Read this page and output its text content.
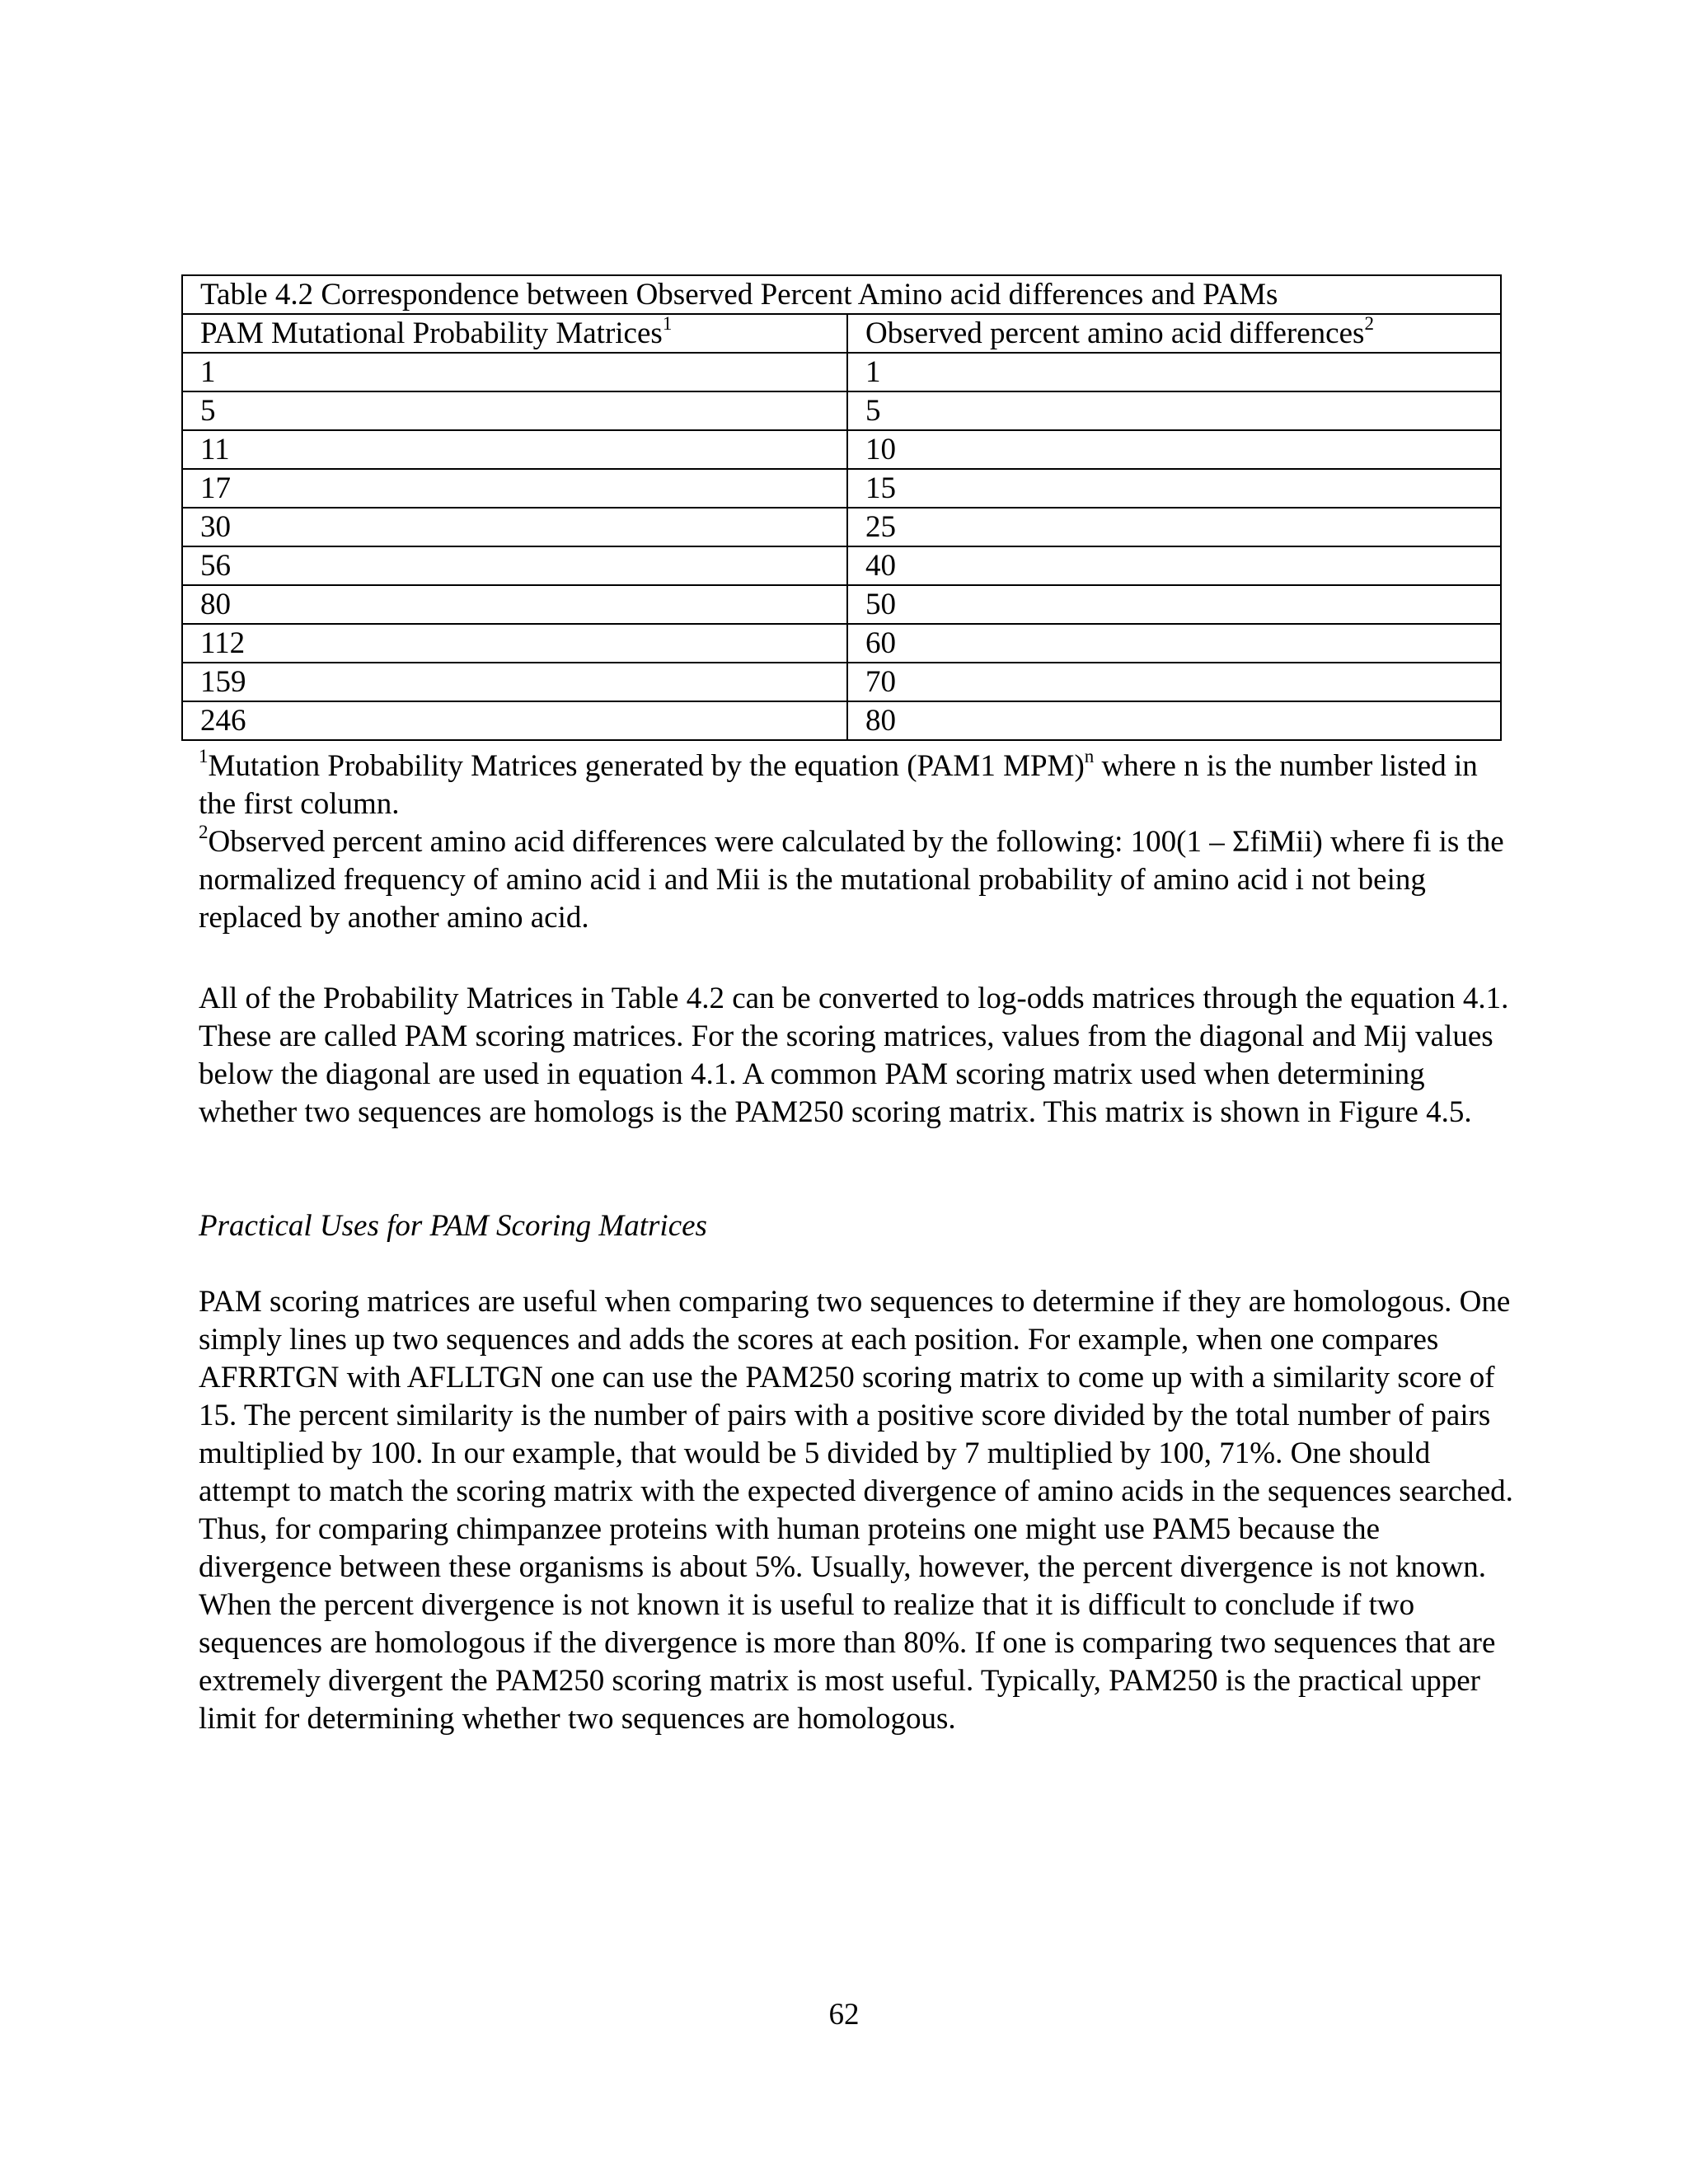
Table 4.2 Correspondence between Observed Percent Amino acid differences and PAMs	
PAM Mutational Probability Matrices$^1$	Observed percent amino acid differences$^2$
1	1
5	5
11	10
17	15
30	25
56	40
80	50
112	60
159	70
246	80

$^1$Mutation Probability Matrices generated by the equation (PAM1 MPM)$^n$ where n is the number listed in the first column.

$^2$Observed percent amino acid differences were calculated by the following: 100(1 – ΣfiMii) where fi is the normalized frequency of amino acid i and Mii is the mutational probability of amino acid i not being replaced by another amino acid.

All of the Probability Matrices in Table 4.2 can be converted to log-odds matrices through the equation 4.1. These are called PAM scoring matrices. For the scoring matrices, values from the diagonal and Mij values below the diagonal are used in equation 4.1. A common PAM scoring matrix used when determining whether two sequences are homologs is the PAM250 scoring matrix. This matrix is shown in Figure 4.5.

Practical Uses for PAM Scoring Matrices

PAM scoring matrices are useful when comparing two sequences to determine if they are homologous. One simply lines up two sequences and adds the scores at each position. For example, when one compares AFRRTGN with AFLLTGN one can use the PAM250 scoring matrix to come up with a similarity score of 15. The percent similarity is the number of pairs with a positive score divided by the total number of pairs multiplied by 100. In our example, that would be 5 divided by 7 multiplied by 100, 71%. One should attempt to match the scoring matrix with the expected divergence of amino acids in the sequences searched. Thus, for comparing chimpanzee proteins with human proteins one might use PAM5 because the divergence between these organisms is about 5%. Usually, however, the percent divergence is not known. When the percent divergence is not known it is useful to realize that it is difficult to conclude if two sequences are homologous if the divergence is more than 80%. If one is comparing two sequences that are extremely divergent the PAM250 scoring matrix is most useful. Typically, PAM250 is the practical upper limit for determining whether two sequences are homologous.

62
